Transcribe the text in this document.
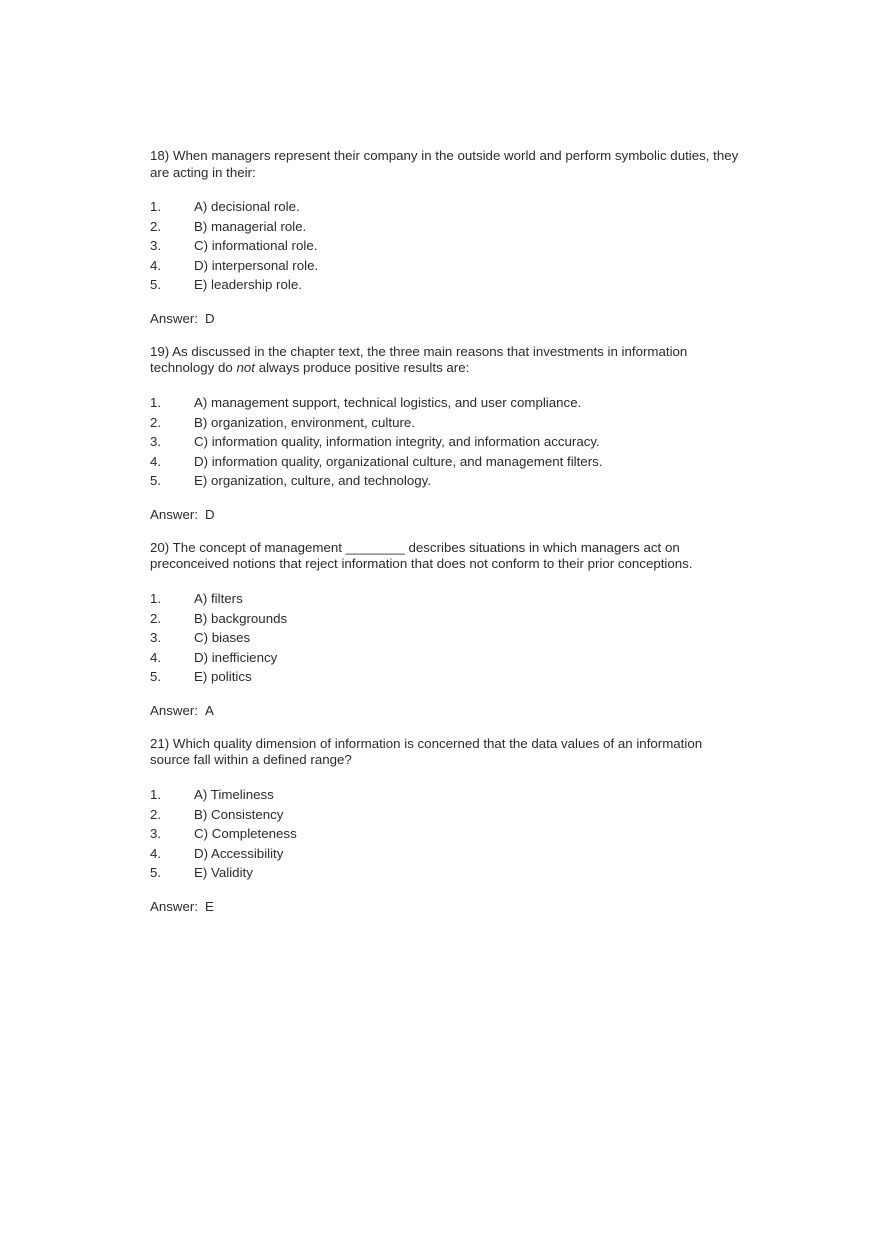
18) When managers represent their company in the outside world and perform symbolic duties, they are acting in their:

1.	A) decisional role.
2.	B) managerial role.
3.	C) informational role.
4.	D) interpersonal role.
5.	E) leadership role.

Answer: D

19) As discussed in the chapter text, the three main reasons that investments in information technology do not always produce positive results are:

1.	A) management support, technical logistics, and user compliance.
2.	B) organization, environment, culture.
3.	C) information quality, information integrity, and information accuracy.
4.	D) information quality, organizational culture, and management filters.
5.	E) organization, culture, and technology.

Answer: D

20) The concept of management ________ describes situations in which managers act on preconceived notions that reject information that does not conform to their prior conceptions.

1.	A) filters
2.	B) backgrounds
3.	C) biases
4.	D) inefficiency
5.	E) politics

Answer: A

21) Which quality dimension of information is concerned that the data values of an information source fall within a defined range?

1.	A) Timeliness
2.	B) Consistency
3.	C) Completeness
4.	D) Accessibility
5.	E) Validity

Answer: E
